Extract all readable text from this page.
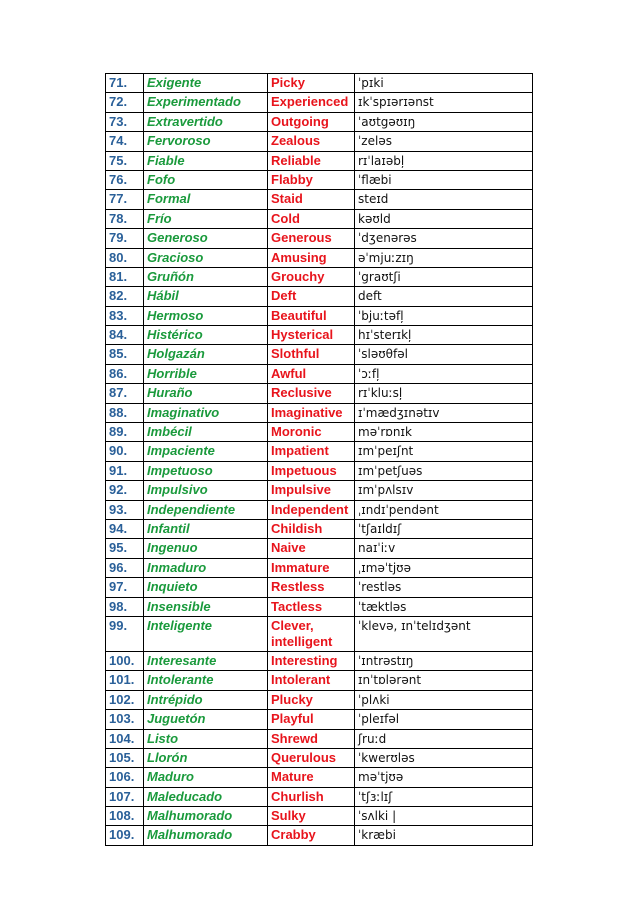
71.	Exigente	Picky	ˈpɪki
72.	Experimentado	Experienced	ɪkˈspɪərɪənst
73.	Extravertido	Outgoing	ˈaʊtgəʊɪŋ
74.	Fervoroso	Zealous	ˈzeləs
75.	Fiable	Reliable	rɪˈlaɪəbļ
76.	Fofo	Flabby	ˈflæbi
77.	Formal	Staid	steɪd
78.	Frío	Cold	kəʊld
79.	Generoso	Generous	ˈdʒenərəs
80.	Gracioso	Amusing	əˈmjuːzɪŋ
81.	Gruñón	Grouchy	ˈgraʊtʃi
82.	Hábil	Deft	deft
83.	Hermoso	Beautiful	ˈbjuːtəfļ
84.	Histérico	Hysterical	hɪˈsterɪkļ
85.	Holgazán	Slothful	ˈsləʊθfəl
86.	Horrible	Awful	ˈɔːfļ
87.	Huraño	Reclusive	rɪˈkluːsļ
88.	Imaginativo	Imaginative	ɪˈmædʒɪnətɪv
89.	Imbécil	Moronic	məˈrɒnɪk
90.	Impaciente	Impatient	ɪmˈpeɪʃnt
91.	Impetuoso	Impetuous	ɪmˈpetʃuəs
92.	Impulsivo	Impulsive	ɪmˈpʌlsɪv
93.	Independiente	Independent	ˌɪndɪˈpendənt
94.	Infantil	Childish	ˈtʃaɪldɪʃ
95.	Ingenuo	Naive	naɪˈiːv
96.	Inmaduro	Immature	ˌɪməˈtjʊə
97.	Inquieto	Restless	ˈrestləs
98.	Insensible	Tactless	ˈtæktləs
99.	Inteligente	Clever, intelligent	ˈklevə, ɪnˈtelɪdʒənt
100.	Interesante	Interesting	ˈɪntrəstɪŋ
101.	Intolerante	Intolerant	ɪnˈtɒlərənt
102.	Intrépido	Plucky	ˈplʌki
103.	Juguetón	Playful	ˈpleɪfəl
104.	Listo	Shrewd	ʃruːd
105.	Llorón	Querulous	ˈkwerʊləs
106.	Maduro	Mature	məˈtjʊə
107.	Maleducado	Churlish	ˈtʃɜːlɪʃ
108.	Malhumorado	Sulky	ˈsʌlki |
109.	Malhumorado	Crabby	ˈkræbi
